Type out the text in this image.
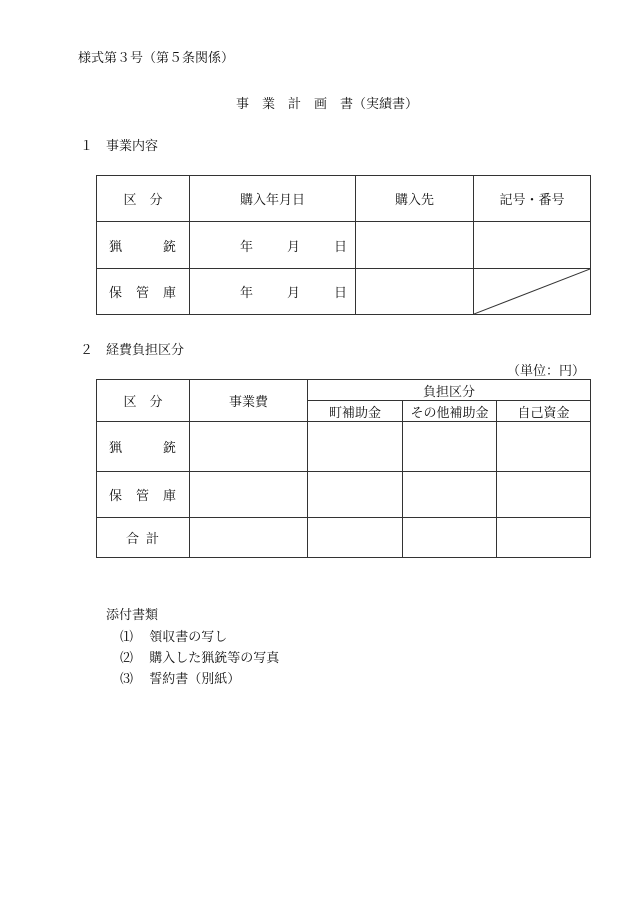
様式第３号（第５条関係）
事　業　計　画　書（実績書）
１　事業内容
区　分	購入年月日	購入先	記号・番号

猟 銃	年 月 日		

保 管 庫	年 月 日

２　経費負担区分
（単位：円）
区　分	事業費	負担区分		
		町補助金	その他補助金	自己資金

猟 銃				

保 管 庫				

合 計				

添付書類
⑴ 領収書の写し
⑵ 購入した猟銃等の写真
⑶ 誓約書（別紙）
